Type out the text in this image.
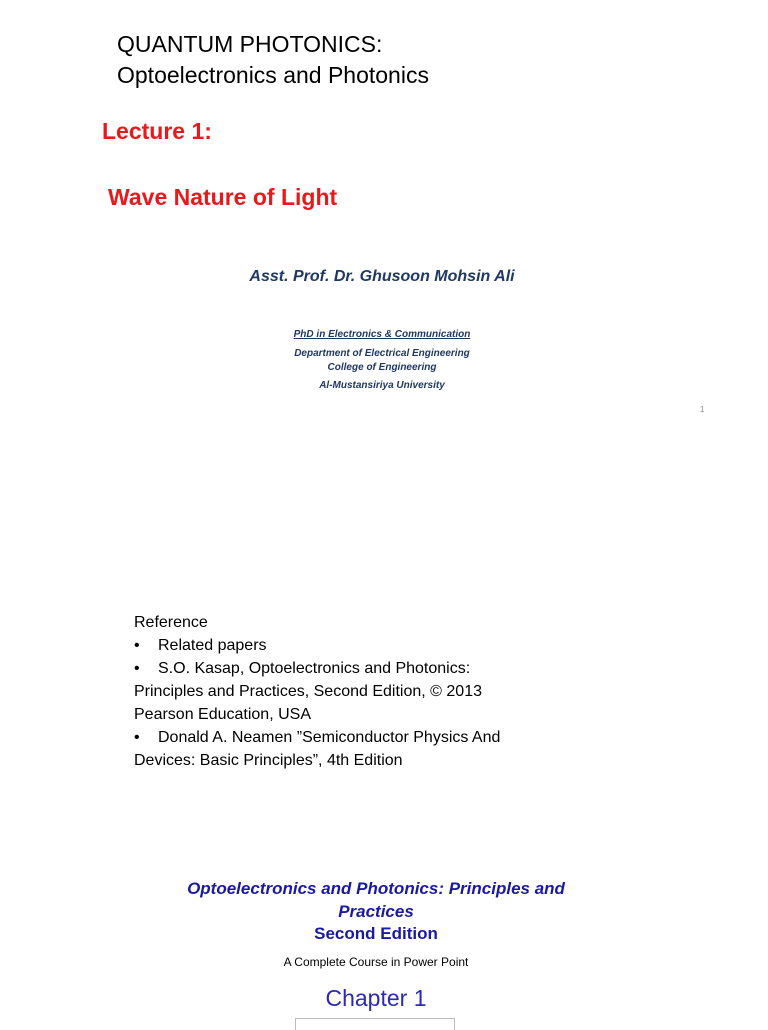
QUANTUM PHOTONICS:
Optoelectronics and Photonics
Lecture 1:
Wave Nature of Light
Asst. Prof. Dr. Ghusoon Mohsin Ali
PhD in Electronics & Communication
Department of Electrical Engineering
College of Engineering
Al-Mustansiriya University
1
Reference
• Related papers
• S.O. Kasap, Optoelectronics and Photonics:
Principles and Practices, Second Edition, © 2013
Pearson Education, USA
• Donald A. Neamen ”Semiconductor Physics And
Devices: Basic Principles”, 4th Edition
Optoelectronics and Photonics: Principles and
Practices
Second Edition
A Complete Course in Power Point
Chapter 1
